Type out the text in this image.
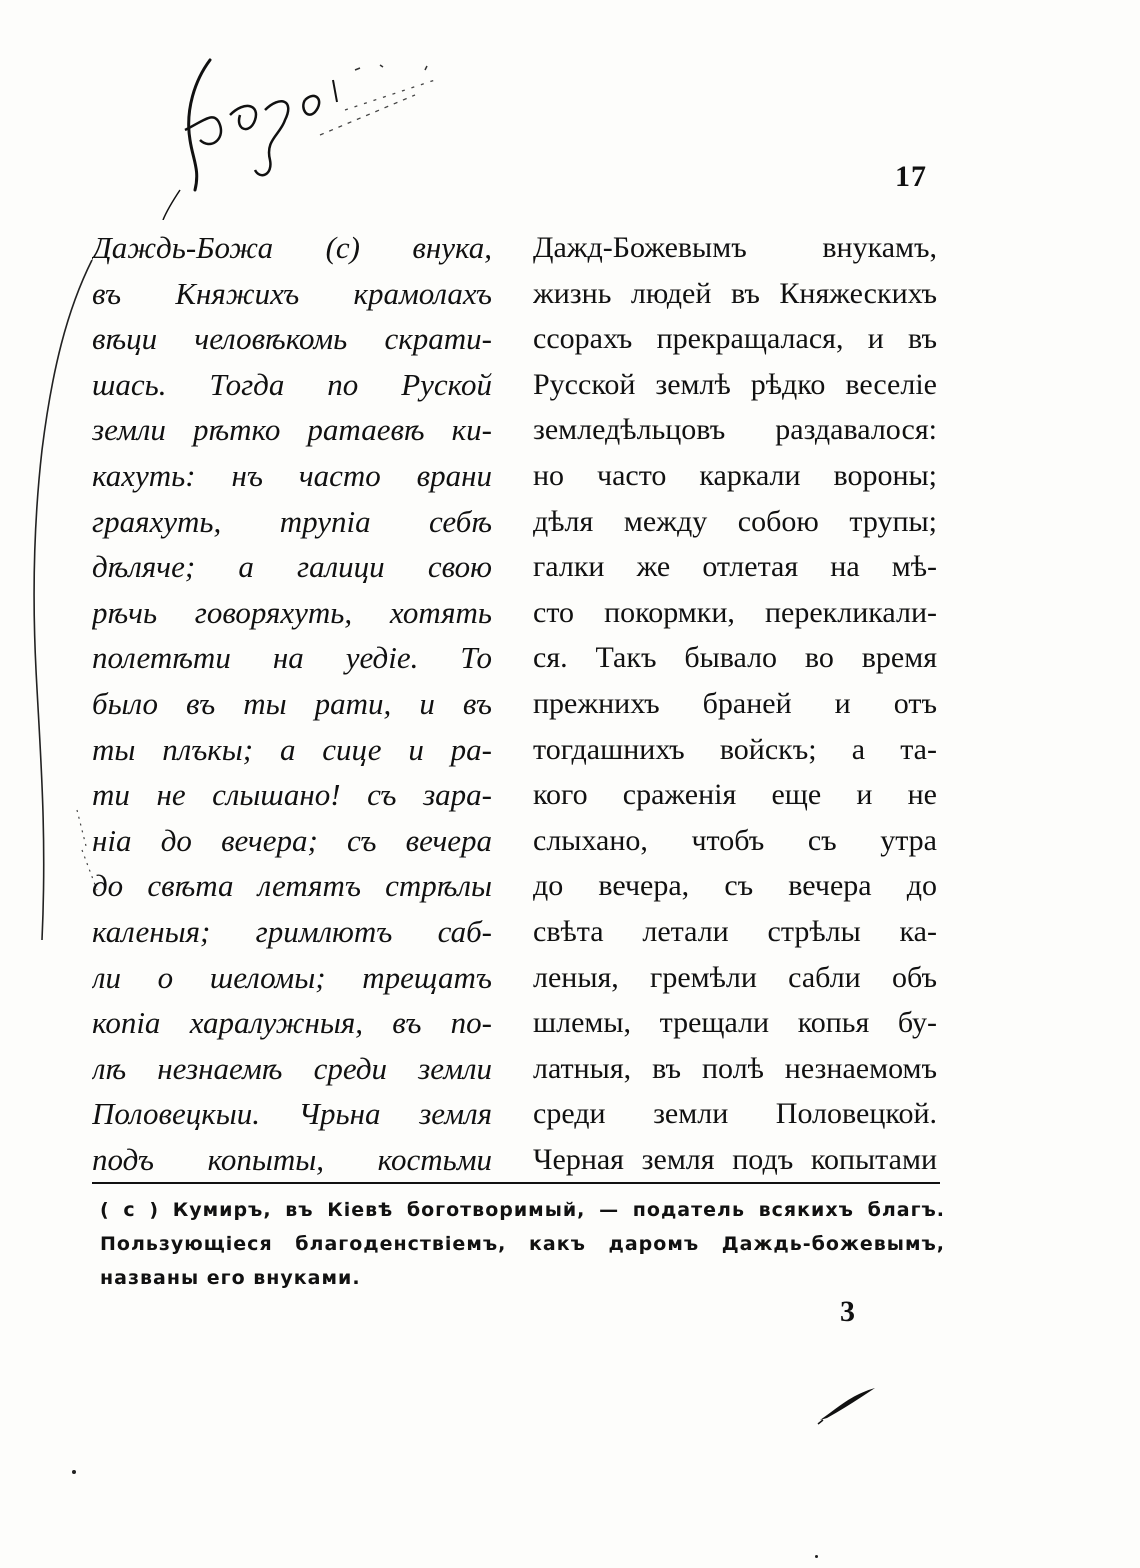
17
Даждь-Божа (с) внука,
въ Княжихъ крамолахъ
вѣци человѣкомь скрати-
шась. Тогда по Руской
земли рѣтко ратаевѣ ки-
кахуть: нъ часто врани
граяхуть, трупіа себѣ
дѣляче; а галици свою
рѣчь говоряхуть, хотять
полетѣти на уедіе. То
было въ ты рати, и въ
ты плъкы; а сице и ра-
ти не слышано! съ зара-
ніа до вечера; съ вечера
до свѣта летятъ стрѣлы
каленыя; гримлютъ саб-
ли о шеломы; трещатъ
копіа харалужныя, въ по-
лѣ незнаемѣ среди земли
Половецкыи. Чрьна земля
подъ копыты, костьми
Дажд-Божевымъ внукамъ,
жизнь людей въ Княжескихъ
ссорахъ прекращалася, и въ
Русской землѣ рѣдко веселіе
земледѣльцовъ раздавалося:
но часто каркали вороны;
дѣля между собою трупы;
галки же отлетая на мѣ-
сто покормки, перекликали-
ся. Такъ бывало во время
прежнихъ браней и отъ
тогдашнихъ войскъ; а та-
кого сраженія еще и не
слыхано, чтобъ съ утра
до вечера, съ вечера до
свѣта летали стрѣлы ка-
леныя, гремѣли сабли объ
шлемы, трещали копья бу-
латныя, въ полѣ незнаемомъ
среди земли Половецкой.
Черная земля подъ копытами
( с ) Кумиръ, въ Кіевѣ боготворимый, — податель всякихъ благъ.
Пользующіеся благоденствіемъ, какъ даромъ Даждь-божевымъ,
названы его внуками.
3
